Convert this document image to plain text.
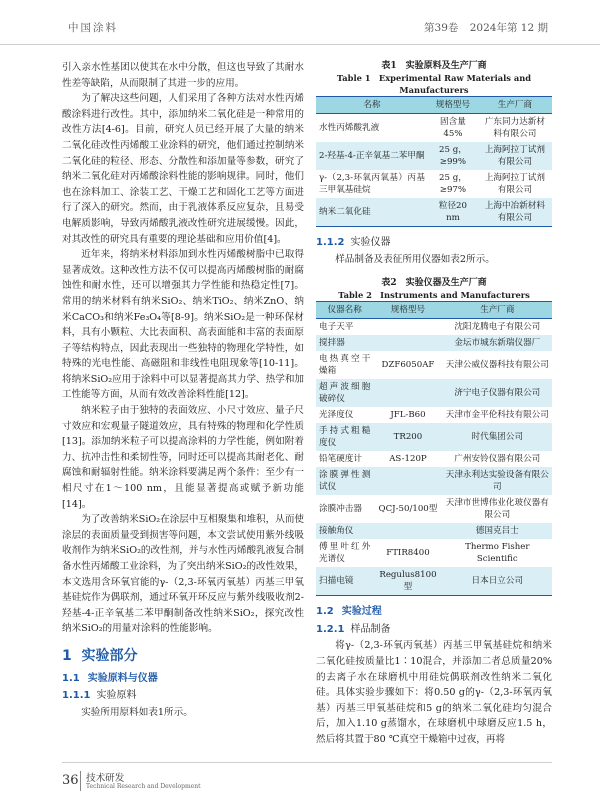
中国涂料	第39卷 2024年第 12 期

引入亲水性基团以使其在水中分散，但这也导致了其耐水性差等缺陷，从而限制了其进一步的应用。

为了解决这些问题，人们采用了各种方法对水性丙烯酸涂料进行改性。其中，添加纳米二氧化硅是一种常用的改性方法[4-6]。目前，研究人员已经开展了大量的纳米二氧化硅改性丙烯酸工业涂料的研究，他们通过控制纳米二氧化硅的粒径、形态、分散性和添加量等参数，研究了纳米二氧化硅对丙烯酸涂料性能的影响规律。同时，他们也在涂料加工、涂装工艺、干燥工艺和固化工艺等方面进行了深入的研究。然而，由于乳液体系反应复杂，且易受电解质影响，导致丙烯酸乳液改性研究进展缓慢。因此，对其改性的研究具有重要的理论基础和应用价值[4]。

近年来，将纳米材料添加到水性丙烯酸树脂中已取得显著成效。这种改性方法不仅可以提高丙烯酸树脂的耐腐蚀性和耐水性，还可以增强其力学性能和热稳定性[7]。常用的纳米材料有纳米SiO₂、纳米TiO₂、纳米ZnO、纳米CaCO₃和纳米Fe₃O₄等[8-9]。纳米SiO₂是一种环保材料，具有小颗粒、大比表面积、高表面能和丰富的表面原子等结构特点，因此表现出一些独特的物理化学特性，如特殊的光电性能、高磁阻和非线性电阻现象等[10-11]。将纳米SiO₂应用于涂料中可以显著提高其力学、热学和加工性能等方面，从而有效改善涂料性能[12]。

纳米粒子由于独特的表面效应、小尺寸效应、量子尺寸效应和宏观量子隧道效应，具有特殊的物理和化学性质[13]。添加纳米粒子可以提高涂料的力学性能，例如附着力、抗冲击性和柔韧性等，同时还可以提高其耐老化、耐腐蚀和耐辐射性能。纳米涂料要满足两个条件：至少有一相尺寸在1～100 nm，且能显著提高或赋予新功能[14]。

为了改善纳米SiO₂在涂层中互相聚集和堆积，从而使涂层的表面质量受到损害等问题，本文尝试使用紫外线吸收剂作为纳米SiO₂的改性剂，并与水性丙烯酸乳液复合制备水性丙烯酸工业涂料，为了突出纳米SiO₂的改性效果，本文选用含环氧官能的γ-（2,3-环氧丙氧基）丙基三甲氧基硅烷作为偶联剂，通过环氧开环反应与紫外线吸收剂2-羟基-4-正辛氧基二苯甲酮制备改性纳米SiO₂，探究改性纳米SiO₂的用量对涂料的性能影响。

1 实验部分
1.1 实验原料与仪器
1.1.1 实验原料

实验所用原料如表1所示。

表1　实验原料及生产厂商

Table 1　Experimental Raw Materials and Manufacturers

名称	规格型号	生产厂商
水性丙烯酸乳液	固含量45%	广东同力达新材料有限公司
2-羟基-4-正辛氧基二苯甲酮	25 g，≥99%	上海阿拉丁试剂有限公司
γ-（2,3-环氧丙氧基）丙基三甲氧基硅烷	25 g，≥97%	上海阿拉丁试剂有限公司
纳米二氧化硅	粒径20 nm	上海中冶新材料有限公司
1.1.2 实验仪器

样品制备及表征所用仪器如表2所示。

表2　实验仪器及生产厂商

Table 2　Instruments and Manufacturers

仪器名称	规格型号	生产厂商
电子天平		沈阳龙腾电子有限公司
搅拌器		金坛市城东新瑞仪器厂
电热真空干燥箱	DZF6050AF	天津公威仪器科技有限公司
超声波细胞破碎仪		济宁电子仪器有限公司
光泽度仪	JFL-B60	天津市金平伦科技有限公司
手持式粗糙度仪	TR200	时代集团公司
铅笔硬度计	AS-120P	广州安铃仪器有限公司
涂膜弹性测试仪		天津永利达实验设备有限公司
涂膜冲击器	QCJ-50/100型	天津市世博伟业化玻仪器有限公司
接触角仪		德国克吕士
傅里叶红外光谱仪	FTIR8400	Thermo Fisher Scientific
扫描电镜	Regulus8100型	日本日立公司
1.2 实验过程
1.2.1 样品制备

将γ-（2,3-环氧丙氧基）丙基三甲氧基硅烷和纳米二氧化硅按质量比1∶10混合，并添加二者总质量20%的去离子水在球磨机中用硅烷偶联剂改性纳米二氧化硅。具体实验步骤如下：将0.50 g的γ-（2,3-环氧丙氧基）丙基三甲氧基硅烷和5 g的纳米二氧化硅均匀混合后，加入1.10 g蒸馏水，在球磨机中球磨反应1.5 h，然后将其置于80 ℃真空干燥箱中过夜，再将

36 技术研发
Technical Research and Development
